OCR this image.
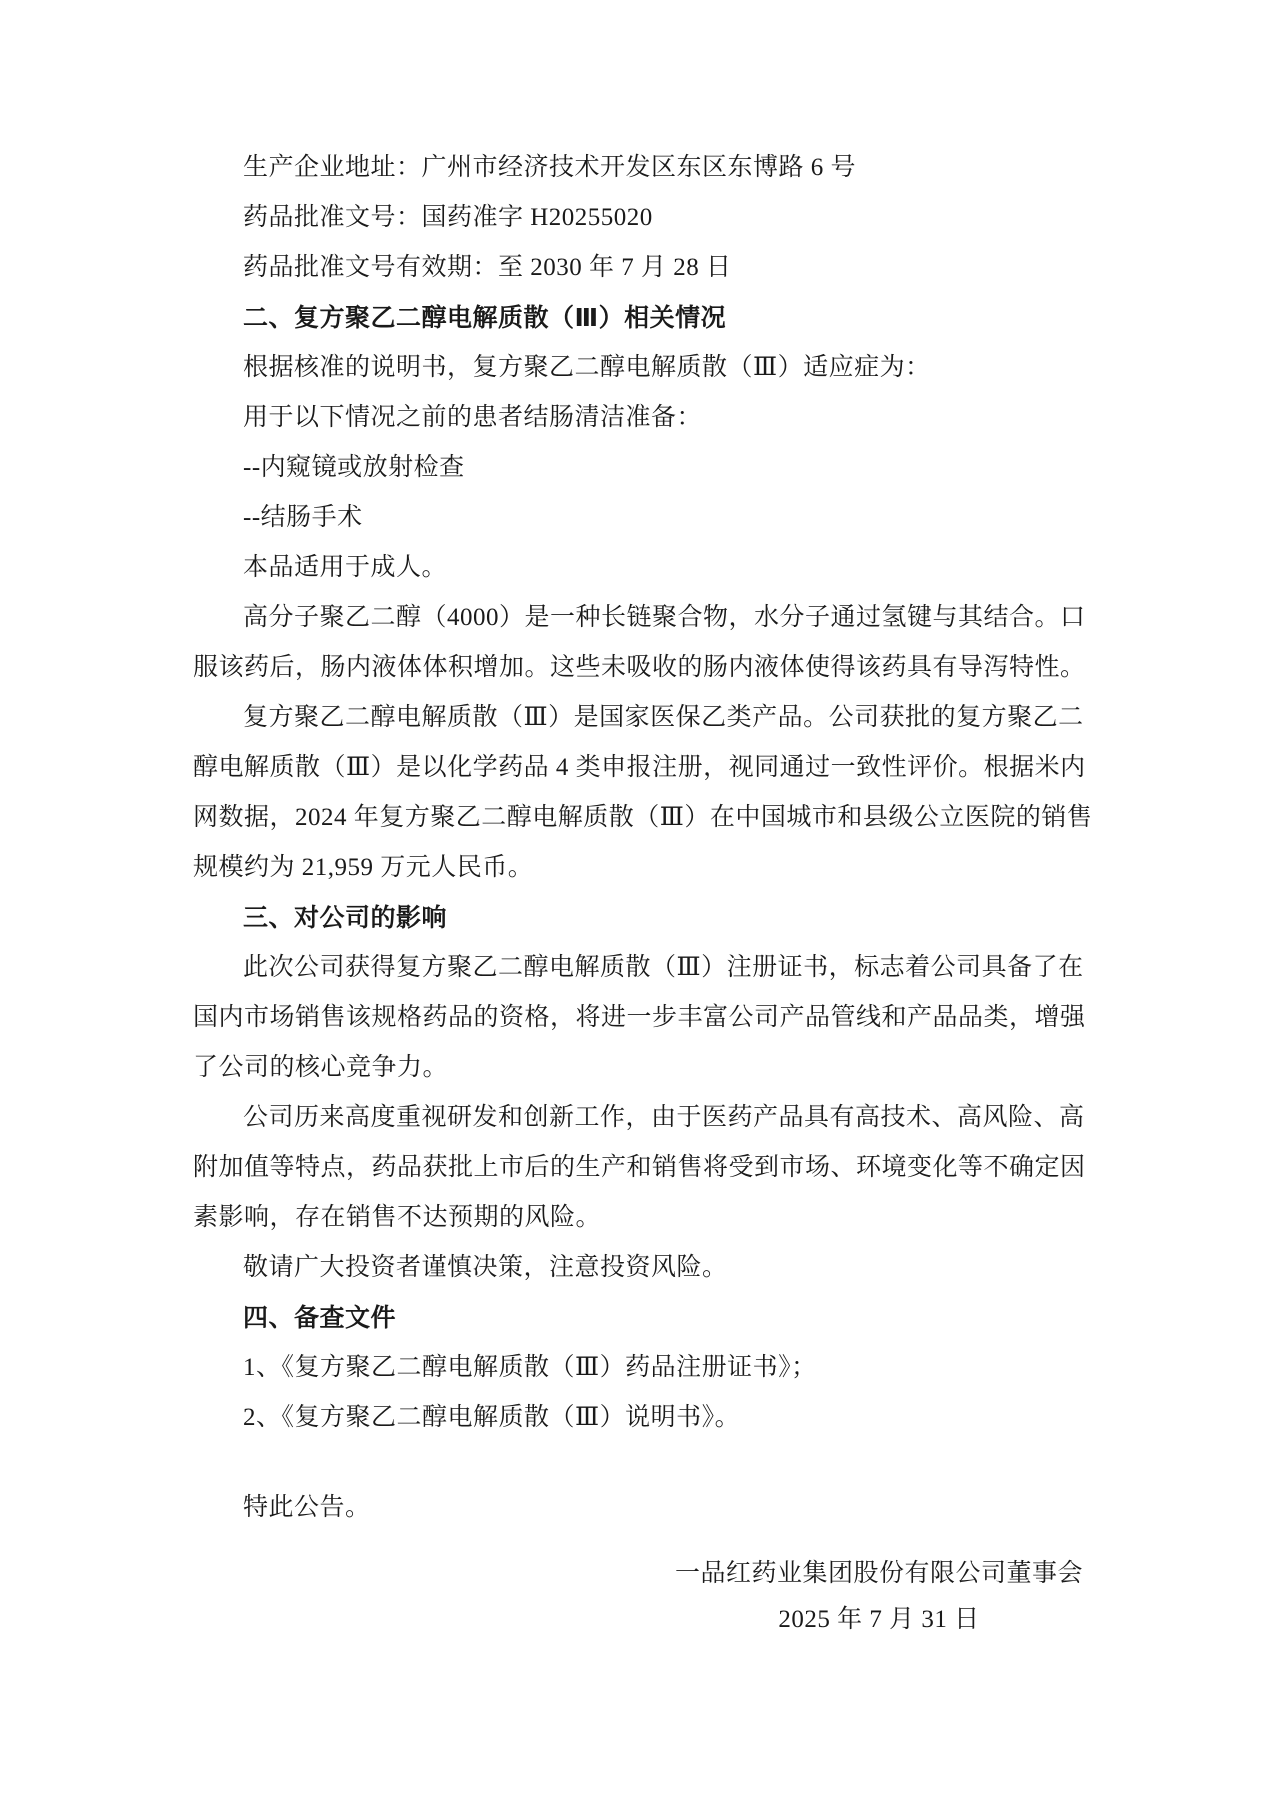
生产企业地址：广州市经济技术开发区东区东博路 6 号
药品批准文号：国药准字 H20255020
药品批准文号有效期：至 2030 年 7 月 28 日
二、复方聚乙二醇电解质散（Ⅲ）相关情况
根据核准的说明书，复方聚乙二醇电解质散（Ⅲ）适应症为：
用于以下情况之前的患者结肠清洁准备：
--内窥镜或放射检查
--结肠手术
本品适用于成人。
高分子聚乙二醇（4000）是一种长链聚合物，水分子通过氢键与其结合。口
服该药后，肠内液体体积增加。这些未吸收的肠内液体使得该药具有导泻特性。
复方聚乙二醇电解质散（Ⅲ）是国家医保乙类产品。公司获批的复方聚乙二
醇电解质散（Ⅲ）是以化学药品 4 类申报注册，视同通过一致性评价。根据米内
网数据，2024 年复方聚乙二醇电解质散（Ⅲ）在中国城市和县级公立医院的销售
规模约为 21,959 万元人民币。
三、对公司的影响
此次公司获得复方聚乙二醇电解质散（Ⅲ）注册证书，标志着公司具备了在
国内市场销售该规格药品的资格，将进一步丰富公司产品管线和产品品类，增强
了公司的核心竞争力。
公司历来高度重视研发和创新工作，由于医药产品具有高技术、高风险、高
附加值等特点，药品获批上市后的生产和销售将受到市场、环境变化等不确定因
素影响，存在销售不达预期的风险。
敬请广大投资者谨慎决策，注意投资风险。
四、备查文件
1、《复方聚乙二醇电解质散（Ⅲ）药品注册证书》；
2、《复方聚乙二醇电解质散（Ⅲ）说明书》。
特此公告。
一品红药业集团股份有限公司董事会
2025 年 7 月 31 日
